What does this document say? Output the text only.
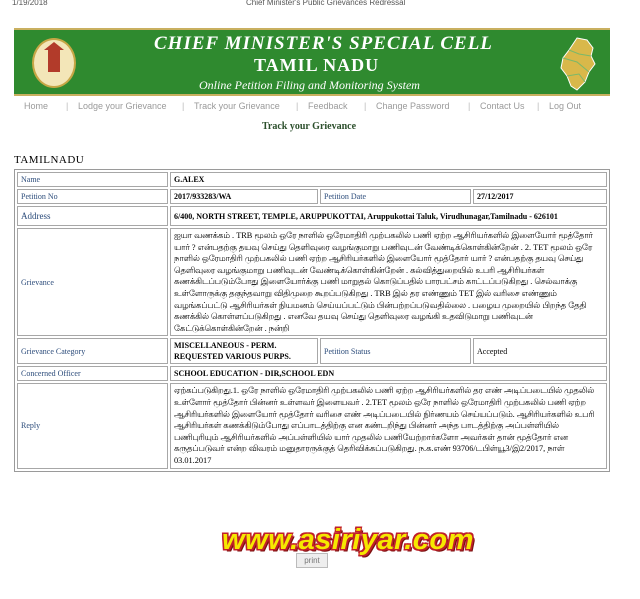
1/19/2018	Chief Minister's Public Grievances Redressal
CHIEF MINISTER'S SPECIAL CELL
TAMIL NADU
Online Petition Filing and Monitoring System
Home | Lodge your Grievance | Track your Grievance | Feedback | Change Password | Contact Us | Log Out
Track your Grievance
TAMILNADU
Name	G.ALEX		
Petition No	2017/933283/WA	Petition Date	27/12/2017
Address	6/400, NORTH STREET, TEMPLE, ARUPPUKOTTAI, Aruppukottai Taluk, Virudhunagar,Tamilnadu - 626101		
Grievance	ஐயா வணக்கம் . TRB மூலம் ஒரே நாளில் ஒரேமாதிரி முற்பகலில் பணி ஏற்ற ஆசிரியர்களில் இளையோர் மூத்தோர் யார் ? என்பதற்கு தயவு செய்து தெளிவுரை வழங்குமாறு பணிவுடன் வேண்டிக்கொள்கின்றேன் . 2. TET மூலம் ஒரே நாளில் ஒரேமாதிரி முற்பகலில் பணி ஏற்ற ஆசிரியர்களில் இளையோர் மூத்தோர் யார் ? என்பதற்கு தயவு செய்து தெளிவுரை வழங்குமாறு பணிவுடன் வேண்டிக்கொள்கின்றேன் . கல்வித்துறையில் உபரி ஆசிரியர்கள் கணக்கிடப்படும்போது இளையோர்க்கு பணி மாறுதல் கொடுப்பதில் பாரபட்சம் காட்டப்படுகிறது . செல்வாக்கு உள்ளோருக்கு தகுந்தவாறு விதிமுறை கூறப்படுகிறது . TRB இல் தர எண்ணும் TET இல் வரிசை எண்ணும் வழங்கப்பட்டு ஆசிரியர்கள் நியமனம் செய்யப்பட்டும் பின்பற்றப்படுவதில்லை . பழைய முறையில் பிறந்த தேதி கணக்கில் கொள்ளப்படுகிறது . எனவே தயவு செய்து தெளிவுரை வழங்கி உதவிடுமாறு பணிவுடன் கேட்டுக்கொள்கின்றேன் . நன்றி		
Grievance Category	MISCELLANEOUS - PERM. REQUESTED VARIOUS PURPS.	Petition Status	Accepted
Concerned Officer	SCHOOL EDUCATION - DIR,SCHOOL EDN		
Reply	ஏற்கப்படுகிறது.1. ஒரே நாளில் ஒரேமாதிரி முற்பகலில் பணி ஏற்ற ஆசிரியர்களில் தர எண் அடிப்படையில் முதலில் உள்ளோர் மூத்தோர் பின்னர் உள்ளவர் இளையவர் . 2.TET மூலம் ஒரே நாளில் ஒரேமாதிரி முற்பகலில் பணி ஏற்ற ஆசிரியர்களில் இளையோர் மூத்தோர் வரிசை எண் அடிப்படையில் நிர்ணயம் செய்யப்படும். ஆசிரியர்களில் உபரி ஆசிரியர்கள் கணக்கிடும்போது எப்பாடத்திற்கு என கண்டறிந்து பின்னர் அந்த பாடத்திற்கு அப்பள்ளியில் பணிபுரியும் ஆசிரியர்களில் அப்பள்ளியில் யார் முதலில் பணியேற்றார்களோ அவர்கள் தான் மூத்தோர் என கருதப்படுவர் என்ற விவரம் மனுதாரருக்குத் தெரிவிக்கப்படுகிறது. ந.க.எண் 93706/டபிள்யூ3/இ2/2017, நாள் 03.01.2017		
print
www.asiriyar.com
